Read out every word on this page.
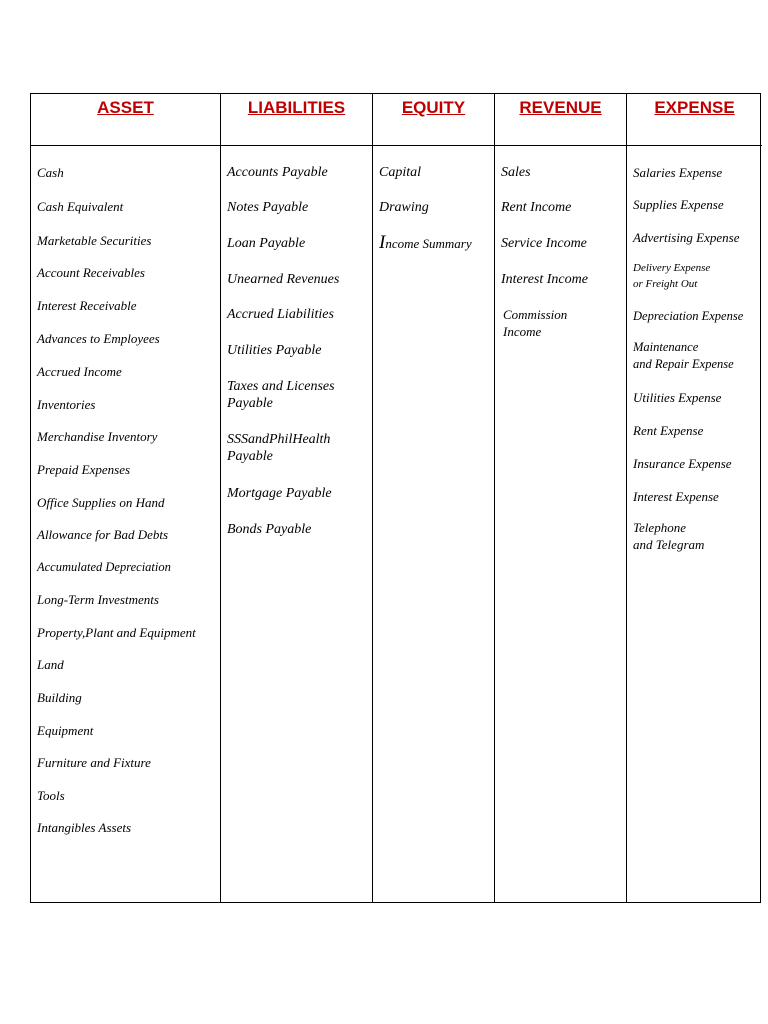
ASSET
Cash
Cash Equivalent
Marketable Securities
Account Receivables
Interest Receivable
Advances to Employees
Accrued Income
Inventories
Merchandise Inventory
Prepaid Expenses
Office Supplies on Hand
Allowance for Bad Debts
Accumulated Depreciation
Long-Term Investments
Property,Plant and Equipment
Land
Building
Equipment
Furniture and Fixture
Tools
Intangibles Assets
LIABILITIES
Accounts Payable
Notes Payable
Loan Payable
Unearned Revenues
Accrued Liabilities
Utilities Payable
Taxes and Licenses
Payable
SSSandPhilHealth
Payable
Mortgage Payable
Bonds Payable
EQUITY
Capital
Drawing
Income Summary
REVENUE
Sales
Rent Income
Service Income
Interest Income
Commission
Income
EXPENSE
Salaries Expense
Supplies Expense
Advertising Expense
Delivery Expense
or Freight Out
Depreciation Expense
Maintenance
and Repair Expense
Utilities Expense
Rent Expense
Insurance Expense
Interest Expense
Telephone
and Telegram
